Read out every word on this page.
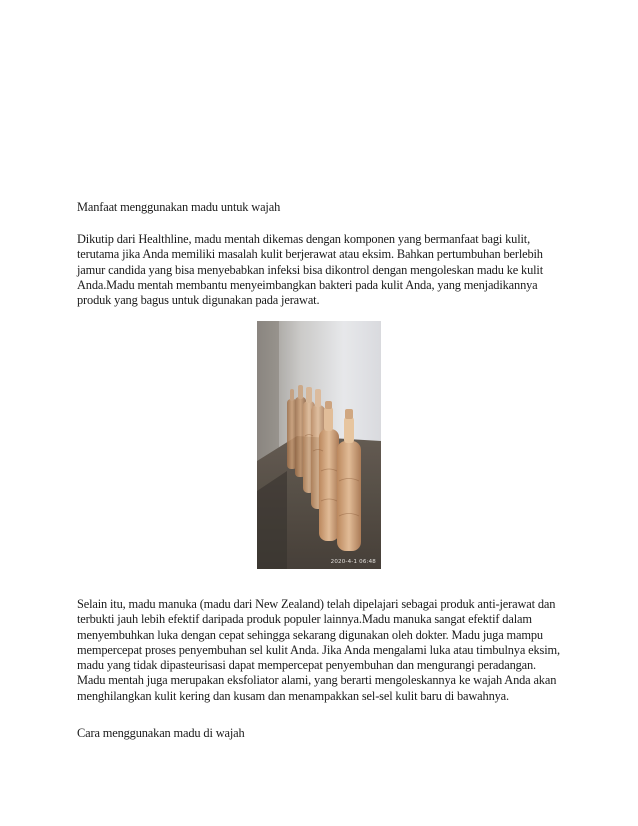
Manfaat menggunakan madu untuk wajah
Dikutip dari Healthline, madu mentah dikemas dengan komponen yang bermanfaat bagi kulit, terutama jika Anda memiliki masalah kulit berjerawat atau eksim. Bahkan pertumbuhan berlebih jamur candida yang bisa menyebabkan infeksi bisa dikontrol dengan mengoleskan madu ke kulit Anda.Madu mentah membantu menyeimbangkan bakteri pada kulit Anda, yang menjadikannya produk yang bagus untuk digunakan pada jerawat.
2020-4-1 06:48
Selain itu, madu manuka (madu dari New Zealand) telah dipelajari sebagai produk anti-jerawat dan terbukti jauh lebih efektif daripada produk populer lainnya.Madu manuka sangat efektif dalam menyembuhkan luka dengan cepat sehingga sekarang digunakan oleh dokter. Madu juga mampu mempercepat proses penyembuhan sel kulit Anda. Jika Anda mengalami luka atau timbulnya eksim, madu yang tidak dipasteurisasi dapat mempercepat penyembuhan dan mengurangi peradangan. Madu mentah juga merupakan eksfoliator alami, yang berarti mengoleskannya ke wajah Anda akan menghilangkan kulit kering dan kusam dan menampakkan sel-sel kulit baru di bawahnya.
Cara menggunakan madu di wajah
